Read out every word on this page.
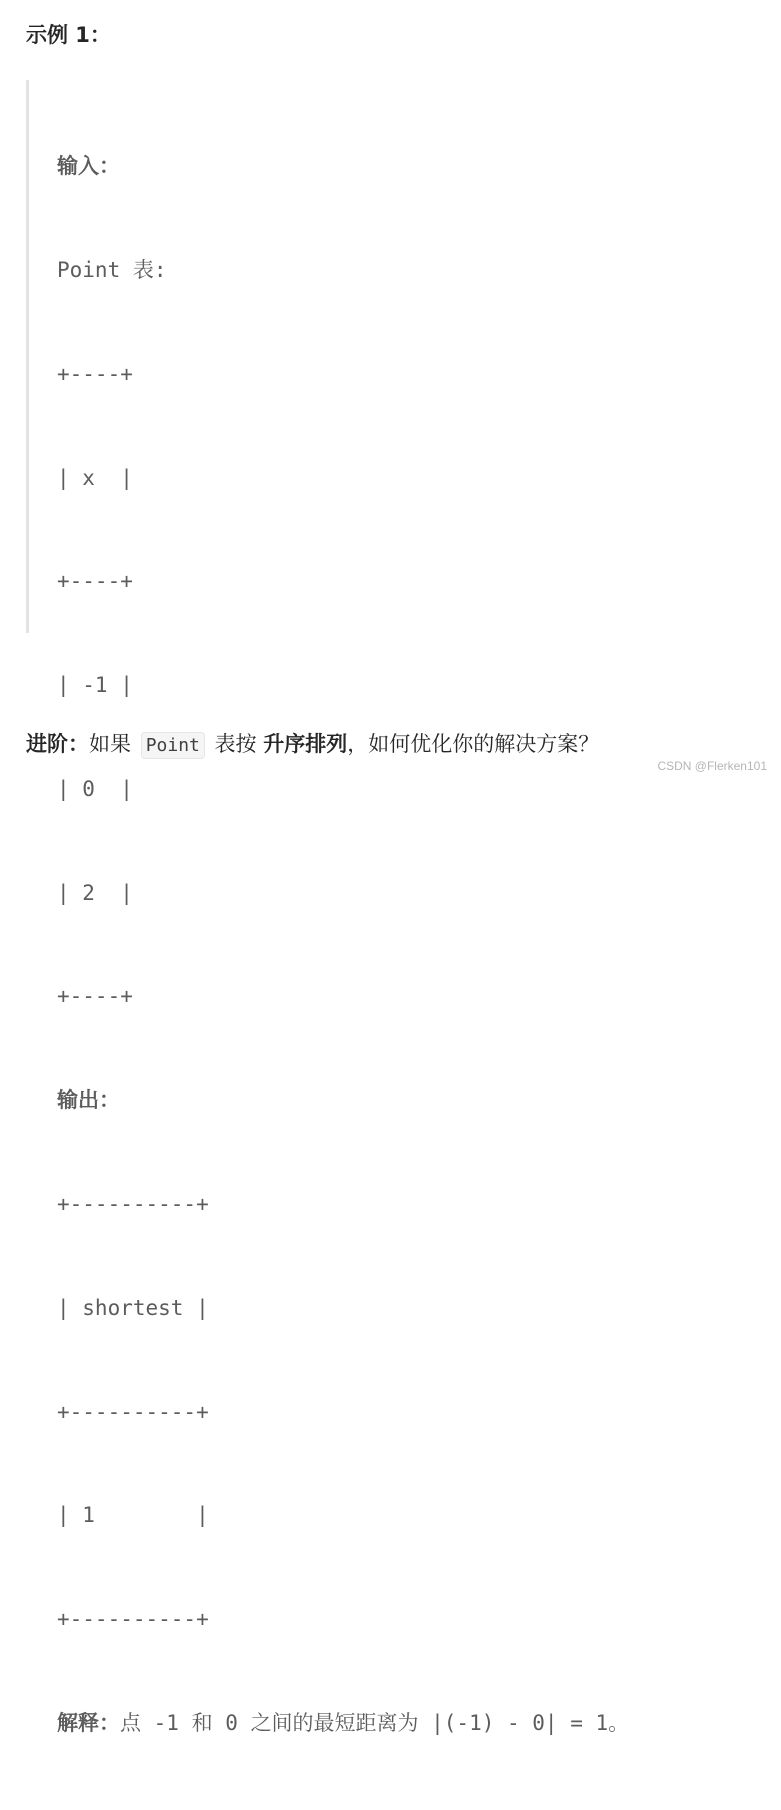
示例 1：

输入：

Point 表:

+----+

| x  |

+----+

| -1 |

| 0  |

| 2  |

+----+

输出：

+----------+

| shortest |

+----------+

| 1        |

+----------+

解释：点 -1 和 0 之间的最短距离为 |(-1) - 0| = 1。

进阶：如果 Point 表按 升序排列，如何优化你的解决方案？

CSDN @Flerken101
